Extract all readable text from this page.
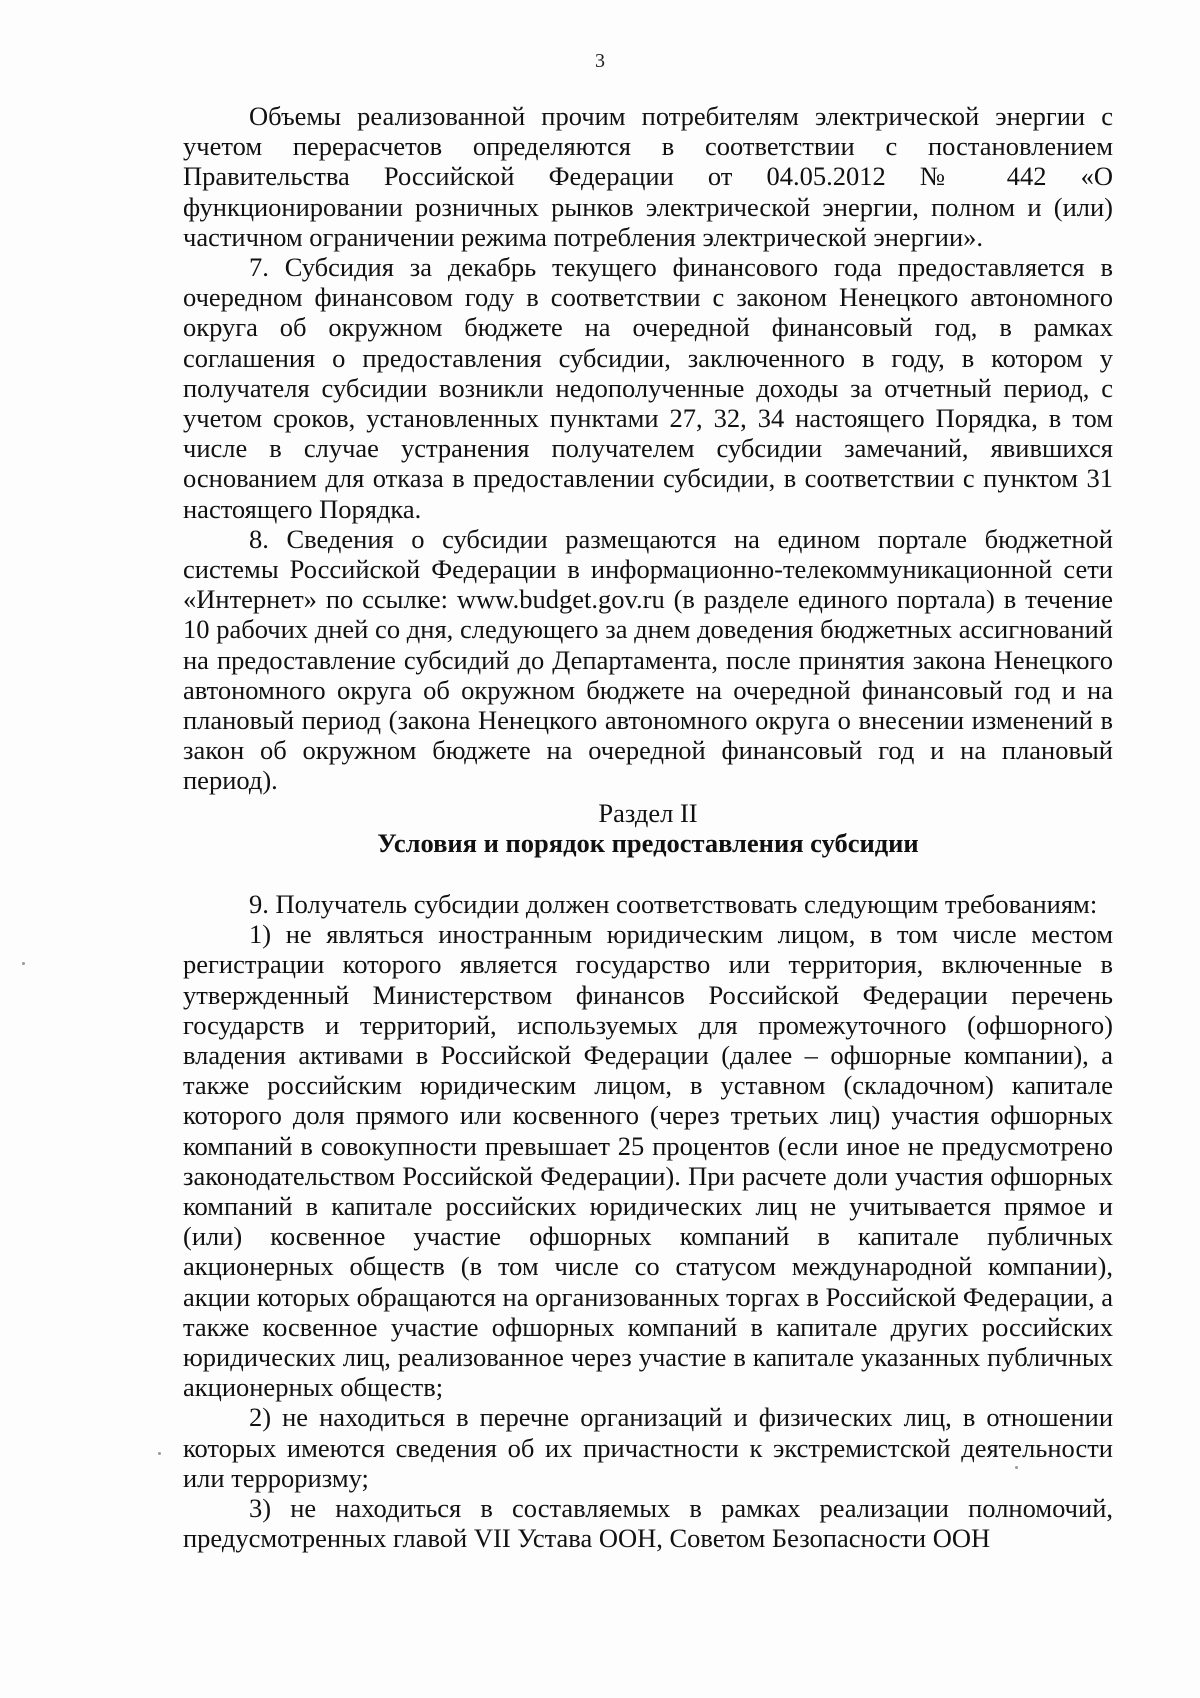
3

Объемы реализованной прочим потребителям электрической энергии с учетом перерасчетов определяются в соответствии с постановлением Правительства Российской Федерации от 04.05.2012 № 442 «О функционировании розничных рынков электрической энергии, полном и (или) частичном ограничении режима потребления электрической энергии».

7. Субсидия за декабрь текущего финансового года предоставляется в очередном финансовом году в соответствии с законом Ненецкого автономного округа об окружном бюджете на очередной финансовый год, в рамках соглашения о предоставления субсидии, заключенного в году, в котором у получателя субсидии возникли недополученные доходы за отчетный период, с учетом сроков, установленных пунктами 27, 32, 34 настоящего Порядка, в том числе в случае устранения получателем субсидии замечаний, явившихся основанием для отказа в предоставлении субсидии, в соответствии с пунктом 31 настоящего Порядка.

8. Сведения о субсидии размещаются на едином портале бюджетной системы Российской Федерации в информационно-телекоммуникационной сети «Интернет» по ссылке: www.budget.gov.ru (в разделе единого портала) в течение 10 рабочих дней со дня, следующего за днем доведения бюджетных ассигнований на предоставление субсидий до Департамента, после принятия закона Ненецкого автономного округа об окружном бюджете на очередной финансовый год и на плановый период (закона Ненецкого автономного округа о внесении изменений в закон об окружном бюджете на очередной финансовый год и на плановый период).

Раздел II

Условия и порядок предоставления субсидии

9. Получатель субсидии должен соответствовать следующим требованиям:

1) не являться иностранным юридическим лицом, в том числе местом регистрации которого является государство или территория, включенные в утвержденный Министерством финансов Российской Федерации перечень государств и территорий, используемых для промежуточного (офшорного) владения активами в Российской Федерации (далее – офшорные компании), а также российским юридическим лицом, в уставном (складочном) капитале которого доля прямого или косвенного (через третьих лиц) участия офшорных компаний в совокупности превышает 25 процентов (если иное не предусмотрено законодательством Российской Федерации). При расчете доли участия офшорных компаний в капитале российских юридических лиц не учитывается прямое и (или) косвенное участие офшорных компаний в капитале публичных акционерных обществ (в том числе со статусом международной компании), акции которых обращаются на организованных торгах в Российской Федерации, а также косвенное участие офшорных компаний в капитале других российских юридических лиц, реализованное через участие в капитале указанных публичных акционерных обществ;

2) не находиться в перечне организаций и физических лиц, в отношении которых имеются сведения об их причастности к экстремистской деятельности или терроризму;

3) не находиться в составляемых в рамках реализации полномочий, предусмотренных главой VII Устава ООН, Советом Безопасности ООН
